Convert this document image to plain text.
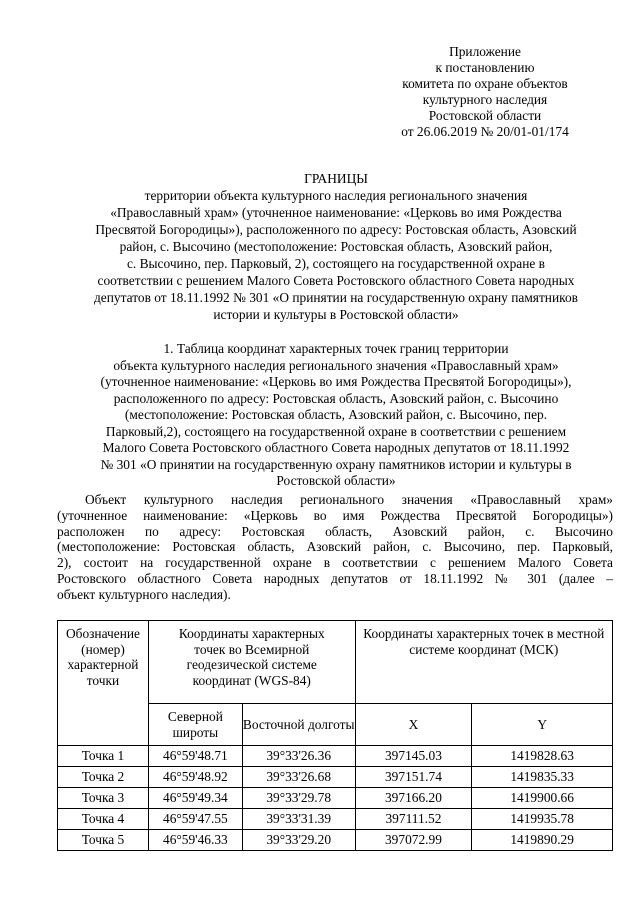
Приложение
к постановлению
комитета по охране объектов
культурного наследия
Ростовской области
от 26.06.2019 № 20/01-01/174
ГРАНИЦЫ
территории объекта культурного наследия регионального значения
«Православный храм» (уточненное наименование: «Церковь во имя Рождества
Пресвятой Богородицы»), расположенного по адресу: Ростовская область, Азовский
район, с. Высочино (местоположение: Ростовская область, Азовский район,
с. Высочино, пер. Парковый, 2), состоящего на государственной охране в
соответствии с решением Малого Совета Ростовского областного Совета народных
депутатов от 18.11.1992 № 301 «О принятии на государственную охрану памятников
истории и культуры в Ростовской области»
1. Таблица координат характерных точек границ территории
объекта культурного наследия регионального значения «Православный храм»
(уточненное наименование: «Церковь во имя Рождества Пресвятой Богородицы»),
расположенного по адресу: Ростовская область, Азовский район, с. Высочино
(местоположение: Ростовская область, Азовский район, с. Высочино, пер.
Парковый,2), состоящего на государственной охране в соответствии с решением
Малого Совета Ростовского областного Совета народных депутатов от 18.11.1992
№ 301 «О принятии на государственную охрану памятников истории и культуры в
Ростовской области»
Объект культурного наследия регионального значения «Православный храм»
(уточненное наименование: «Церковь во имя Рождества Пресвятой Богородицы»)
расположен по адресу: Ростовская область, Азовский район, с. Высочино
(местоположение: Ростовская область, Азовский район, с. Высочино, пер. Парковый,
2), состоит на государственной охране в соответствии с решением Малого Совета
Ростовского областного Совета народных депутатов от 18.11.1992 № 301 (далее –
объект культурного наследия).
Обозначение (номер) характерной точки	Координаты характерных точек во Всемирной геодезической системе координат (WGS-84)		Координаты характерных точек в местной системе координат (МСК)	
	Северной широты	Восточной долготы	X	Y
Точка 1	46°59'48.71	39°33'26.36	397145.03	1419828.63
Точка 2	46°59'48.92	39°33'26.68	397151.74	1419835.33
Точка 3	46°59'49.34	39°33'29.78	397166.20	1419900.66
Точка 4	46°59'47.55	39°33'31.39	397111.52	1419935.78
Точка 5	46°59'46.33	39°33'29.20	397072.99	1419890.29
